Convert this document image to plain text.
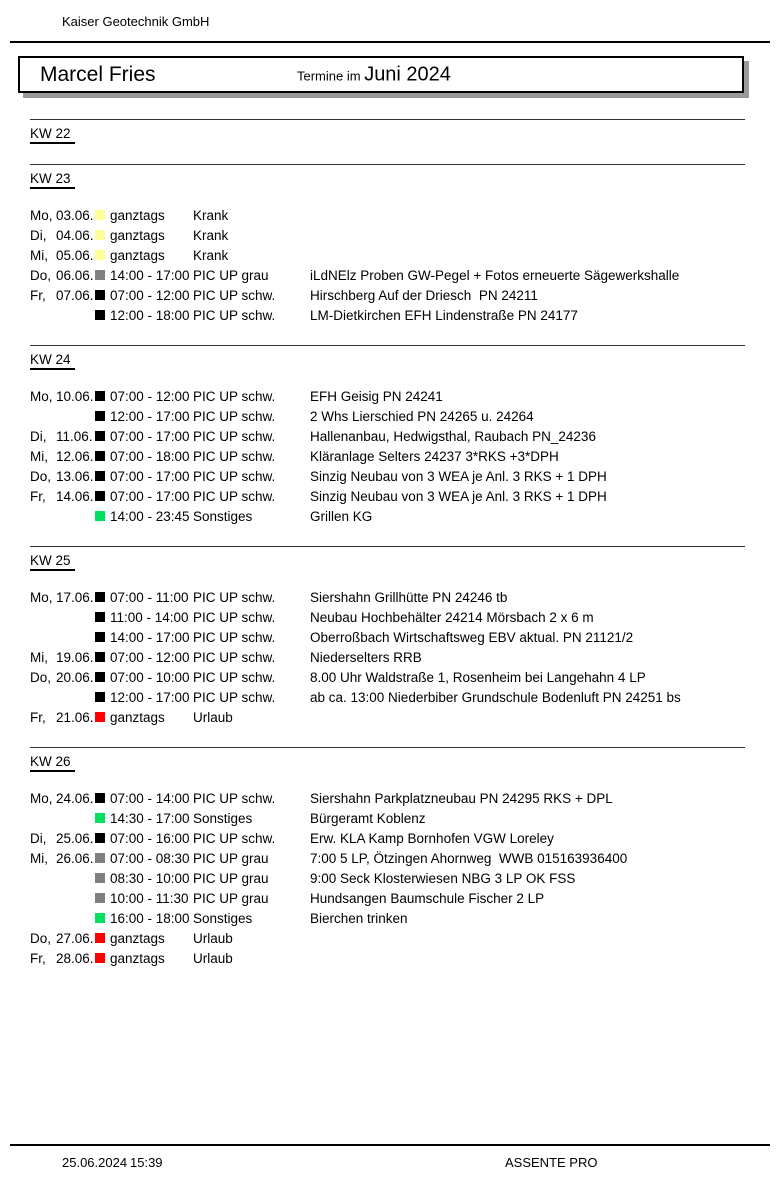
Kaiser Geotechnik GmbH
Marcel Fries	Termine im Juni 2024
KW 22
KW 23
Mo, 03.06. ganztags	Krank
Di, 04.06. ganztags	Krank
Mi, 05.06. ganztags	Krank
Do, 06.06. 14:00 - 17:00 PIC UP grau	iLdNElz Proben GW-Pegel + Fotos erneuerte Sägewerkshalle
Fr, 07.06. 07:00 - 12:00 PIC UP schw.	Hirschberg Auf der Driesch  PN 24211
12:00 - 18:00 PIC UP schw.	LM-Dietkirchen EFH Lindenstraße PN 24177
KW 24
Mo, 10.06. 07:00 - 12:00 PIC UP schw.	EFH Geisig PN 24241
12:00 - 17:00 PIC UP schw.	2 Whs Lierschied PN 24265 u. 24264
Di, 11.06. 07:00 - 17:00 PIC UP schw.	Hallenanbau, Hedwigsthal, Raubach PN_24236
Mi, 12.06. 07:00 - 18:00 PIC UP schw.	Kläranlage Selters 24237 3*RKS +3*DPH
Do, 13.06. 07:00 - 17:00 PIC UP schw.	Sinzig Neubau von 3 WEA je Anl. 3 RKS + 1 DPH
Fr, 14.06. 07:00 - 17:00 PIC UP schw.	Sinzig Neubau von 3 WEA je Anl. 3 RKS + 1 DPH
14:00 - 23:45 Sonstiges	Grillen KG
KW 25
Mo, 17.06. 07:00 - 11:00 PIC UP schw.	Siershahn Grillhütte PN 24246 tb
11:00 - 14:00 PIC UP schw.	Neubau Hochbehälter 24214 Mörsbach 2 x 6 m
14:00 - 17:00 PIC UP schw.	Oberroßbach Wirtschaftsweg EBV aktual. PN 21121/2
Mi, 19.06. 07:00 - 12:00 PIC UP schw.	Niederselters RRB
Do, 20.06. 07:00 - 10:00 PIC UP schw.	8.00 Uhr Waldstraße 1, Rosenheim bei Langehahn 4 LP
12:00 - 17:00 PIC UP schw.	ab ca. 13:00 Niederbiber Grundschule Bodenluft PN 24251 bs
Fr, 21.06. ganztags	Urlaub
KW 26
Mo, 24.06. 07:00 - 14:00 PIC UP schw.	Siershahn Parkplatzneubau PN 24295 RKS + DPL
14:30 - 17:00 Sonstiges	Bürgeramt Koblenz
Di, 25.06. 07:00 - 16:00 PIC UP schw.	Erw. KLA Kamp Bornhofen VGW Loreley
Mi, 26.06. 07:00 - 08:30 PIC UP grau	7:00 5 LP, Ötzingen Ahornweg  WWB 015163936400
08:30 - 10:00 PIC UP grau	9:00 Seck Klosterwiesen NBG 3 LP OK FSS
10:00 - 11:30 PIC UP grau	Hundsangen Baumschule Fischer 2 LP
16:00 - 18:00 Sonstiges	Bierchen trinken
Do, 27.06. ganztags	Urlaub
Fr, 28.06. ganztags	Urlaub
25.06.2024 15:39	ASSENTE PRO
